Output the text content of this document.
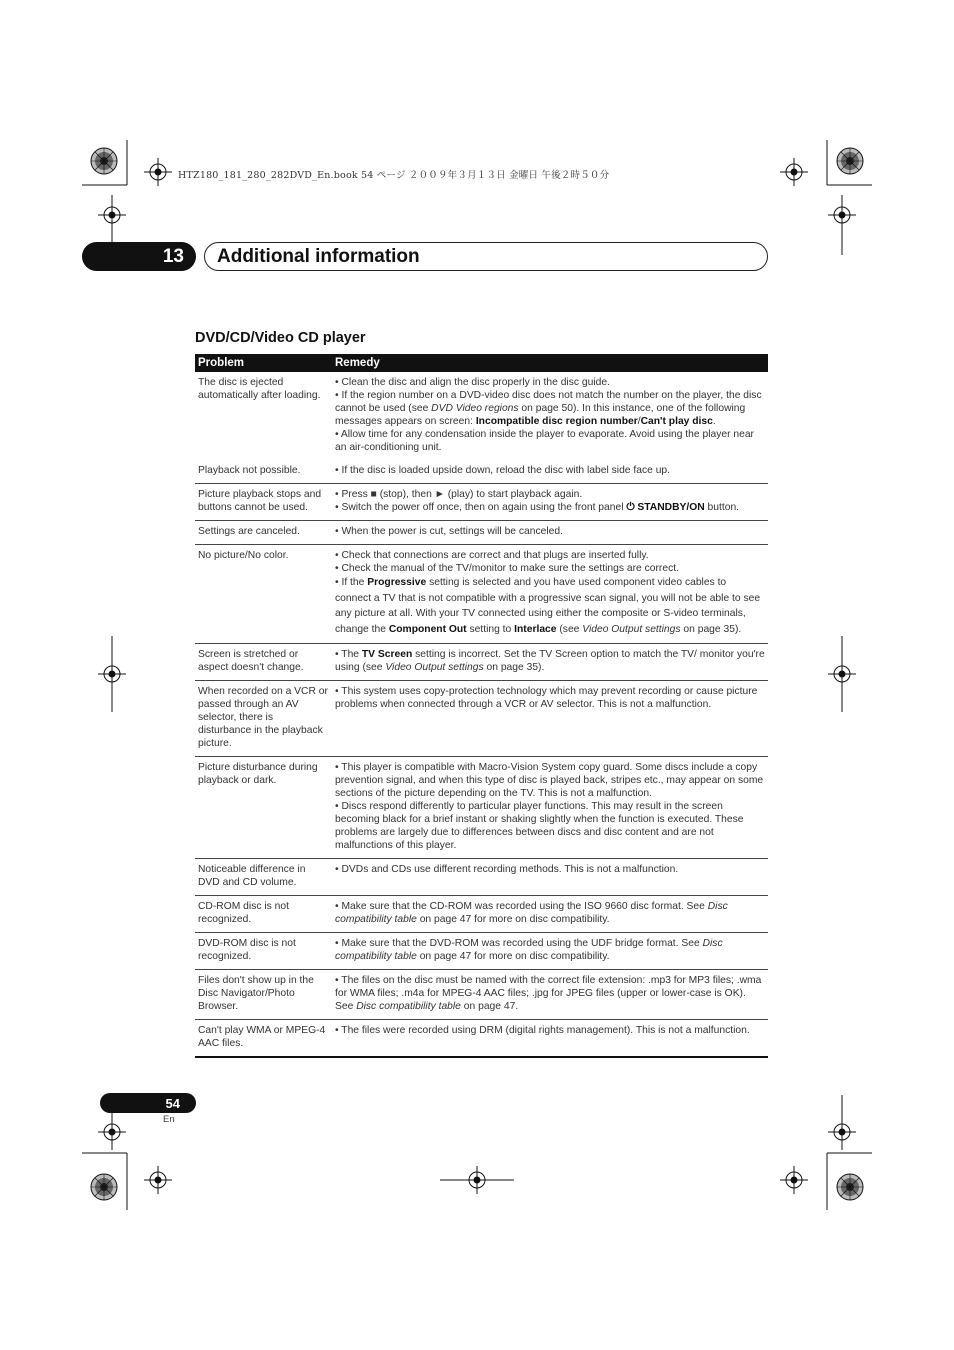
HTZ180_181_280_282DVD_En.book 54 ページ ２００９年３月１３日 金曜日 午後２時５０分
13	Additional information
DVD/CD/Video CD player
Problem	Remedy
The disc is ejected automatically after loading.	• Clean the disc and align the disc properly in the disc guide.
• If the region number on a DVD-video disc does not match the number on the player, the disc cannot be used (see DVD Video regions on page 50). In this instance, one of the following messages appears on screen: Incompatible disc region number/Can't play disc.
• Allow time for any condensation inside the player to evaporate. Avoid using the player near an air-conditioning unit.

Playback not possible.	• If the disc is loaded upside down, reload the disc with label side face up.

Picture playback stops and buttons cannot be used.	• Press ■ (stop), then ► (play) to start playback again.
• Switch the power off once, then on again using the front panel ⏻ STANDBY/ON button.

Settings are canceled.	• When the power is cut, settings will be canceled.

No picture/No color.	• Check that connections are correct and that plugs are inserted fully.
• Check the manual of the TV/monitor to make sure the settings are correct.
• If the Progressive setting is selected and you have used component video cables to connect a TV that is not compatible with a progressive scan signal, you will not be able to see any picture at all. With your TV connected using either the composite or S-video terminals, change the Component Out setting to Interlace (see Video Output settings on page 35).

Screen is stretched or aspect doesn't change.	• The TV Screen setting is incorrect. Set the TV Screen option to match the TV/ monitor you're using (see Video Output settings on page 35).

When recorded on a VCR or passed through an AV selector, there is disturbance in the playback picture.	• This system uses copy-protection technology which may prevent recording or cause picture problems when connected through a VCR or AV selector. This is not a malfunction.

Picture disturbance during playback or dark.	• This player is compatible with Macro-Vision System copy guard. Some discs include a copy prevention signal, and when this type of disc is played back, stripes etc., may appear on some sections of the picture depending on the TV. This is not a malfunction.
• Discs respond differently to particular player functions. This may result in the screen becoming black for a brief instant or shaking slightly when the function is executed. These problems are largely due to differences between discs and disc content and are not malfunctions of this player.

Noticeable difference in DVD and CD volume.	• DVDs and CDs use different recording methods. This is not a malfunction.

CD-ROM disc is not recognized.	• Make sure that the CD-ROM was recorded using the ISO 9660 disc format. See Disc compatibility table on page 47 for more on disc compatibility.

DVD-ROM disc is not recognized.	• Make sure that the DVD-ROM was recorded using the UDF bridge format. See Disc compatibility table on page 47 for more on disc compatibility.

Files don't show up in the Disc Navigator/Photo Browser.	• The files on the disc must be named with the correct file extension: .mp3 for MP3 files; .wma for WMA files; .m4a for MPEG-4 AAC files; .jpg for JPEG files (upper or lower-case is OK). See Disc compatibility table on page 47.

Can't play WMA or MPEG-4 AAC files.	• The files were recorded using DRM (digital rights management). This is not a malfunction.
54
En
